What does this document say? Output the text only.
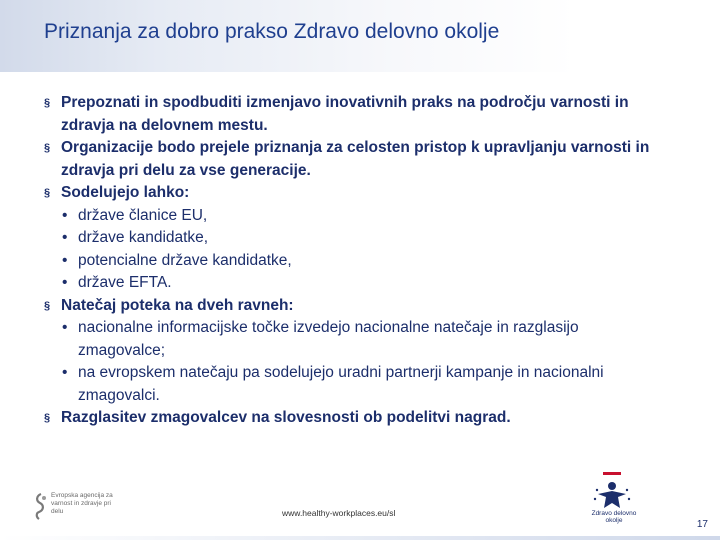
Priznanja za dobro prakso Zdravo delovno okolje
§ Prepoznati in spodbuditi izmenjavo inovativnih praks na področju varnosti in zdravja na delovnem mestu.
§ Organizacije bodo prejele priznanja za celosten pristop k upravljanju varnosti in zdravja pri delu za vse generacije.
§ Sodelujejo lahko:
• države članice EU,
• države kandidatke,
• potencialne države kandidatke,
• države EFTA.
§ Natečaj poteka na dveh ravneh:
• nacionalne informacijske točke izvedejo nacionalne natečaje in razglasijo zmagovalce;
• na evropskem natečaju pa sodelujejo uradni partnerji kampanje in nacionalni zmagovalci.
§ Razglasitev zmagovalcev na slovesnosti ob podelitvi nagrad.
Evropska agencija za varnost in zdravje pri delu	www.healthy-workplaces.eu/sl	Zdravo delovno okolje	17
